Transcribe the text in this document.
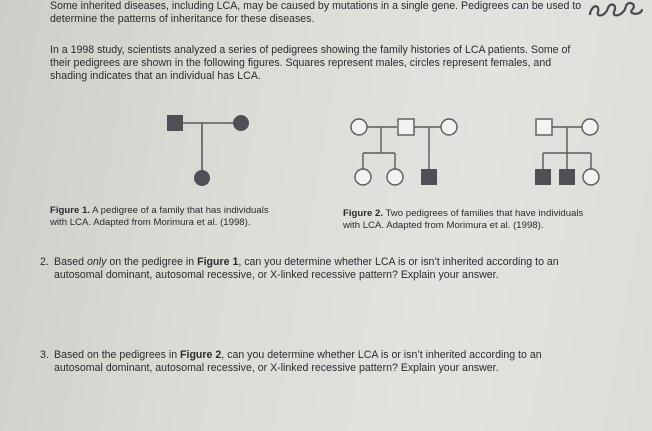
Some inherited diseases, including LCA, may be caused by mutations in a single gene. Pedigrees can be used to
determine the patterns of inheritance for these diseases.
In a 1998 study, scientists analyzed a series of pedigrees showing the family histories of LCA patients. Some of
their pedigrees are shown in the following figures. Squares represent males, circles represent females, and
shading indicates that an individual has LCA.
Figure 1. A pedigree of a family that has individuals
with LCA. Adapted from Morimura et al. (1998).
Figure 2. Two pedigrees of families that have individuals
with LCA. Adapted from Morimura et al. (1998).
2. Based only on the pedigree in Figure 1, can you determine whether LCA is or isn’t inherited according to an
autosomal dominant, autosomal recessive, or X-linked recessive pattern? Explain your answer.
3. Based on the pedigrees in Figure 2, can you determine whether LCA is or isn’t inherited according to an
autosomal dominant, autosomal recessive, or X-linked recessive pattern? Explain your answer.
